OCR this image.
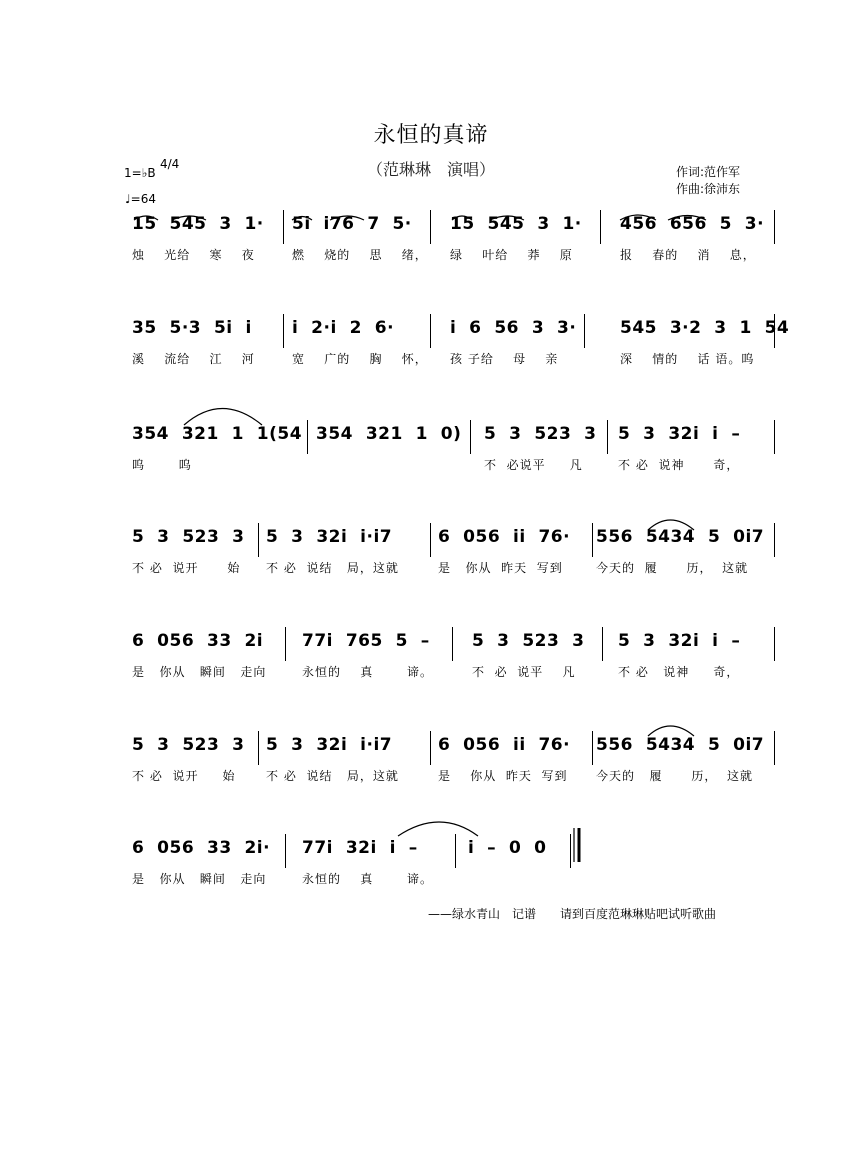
永恒的真谛
（范琳琳　演唱）	作词:范作军
作曲:徐沛东
1=♭B
4/4
♩=64
15  545  3  1· 5i  i76  7  5· 15  545  3  1· 456  656  5  3·
烛    光给    寒    夜	燃    烧的    思    绪， 绿    叶给    莽    原	报    春的    消    息，
35  5·3  5i  i i  2·i  2  6·	i  6  56  3  3·	545  3·2  3  1  54
溪    流给    江    河	宽    广的    胸    怀， 孩 子给    母    亲	深    情的    话 语。呜
354  321  1  1(54 354  321  1  0) 5  3  523  3 5  3  32i  i  –
呜       呜	不  必说平     凡	不 必  说神      奇，
5  3  523  3 5  3  32i  i·i7	6  056  ii  76· 556  5434  5  0i7
不 必  说开      始 不 必  说结   局，这就	是   你从  昨天  写到	今天的  履      历，  这就
6  056  33  2i 77i  765  5  – 5  3  523  3 5  3  32i  i  –
是   你从   瞬间   走向	永恒的    真       谛。	不  必  说平    凡	不 必   说神     奇，
5  3  523  3 5  3  32i  i·i7	6  056  ii  76· 556  5434  5  0i7
不 必  说开     始	不 必  说结   局，这就	是    你从  昨天  写到 今天的   履      历，  这就
6  056  33  2i· 77i  32i  i  –	i  –  0  0
是   你从   瞬间   走向	永恒的    真       谛。
——绿水青山　记谱　　请到百度范琳琳贴吧试听歌曲
